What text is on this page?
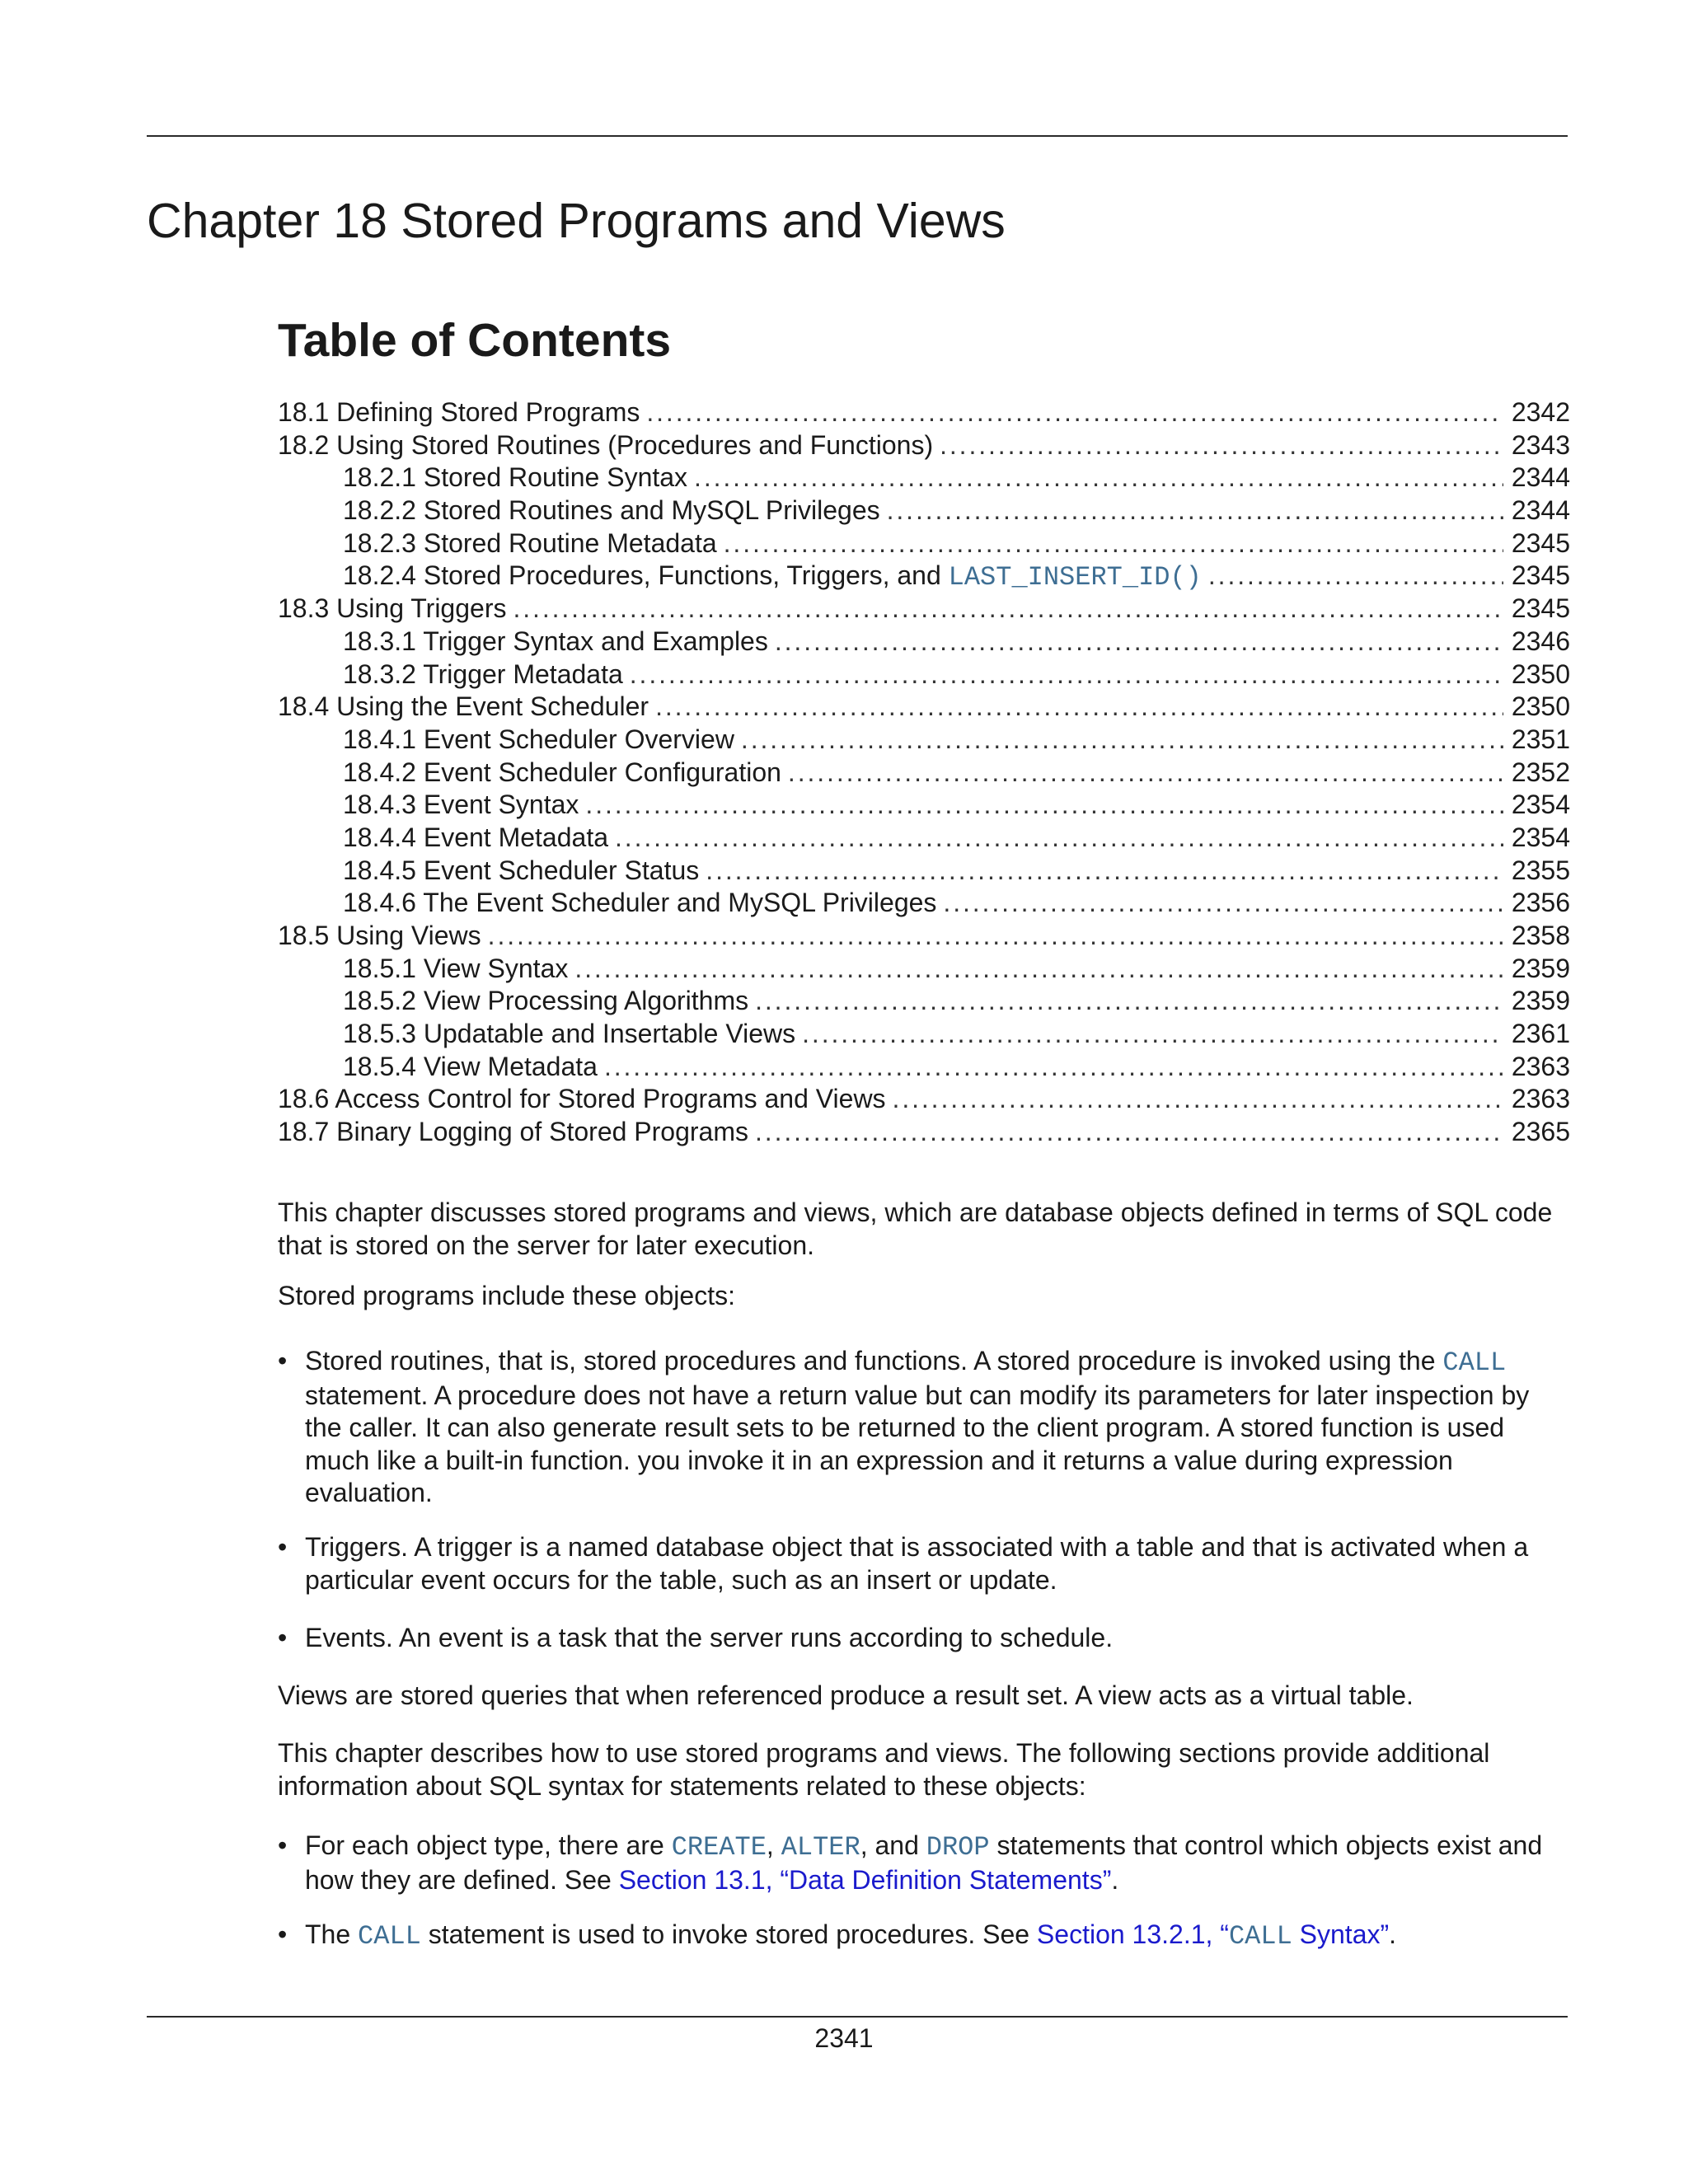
Chapter 18 Stored Programs and Views
Table of Contents
18.1 Defining Stored Programs . . .	2342
18.2 Using Stored Routines (Procedures and Functions) . . .	2343
18.2.1 Stored Routine Syntax . . .	2344
18.2.2 Stored Routines and MySQL Privileges . . .	2344
18.2.3 Stored Routine Metadata . . .	2345
18.2.4 Stored Procedures, Functions, Triggers, and LAST_INSERT_ID() . . .	2345
18.3 Using Triggers . . .	2345
18.3.1 Trigger Syntax and Examples . . .	2346
18.3.2 Trigger Metadata . . .	2350
18.4 Using the Event Scheduler . . .	2350
18.4.1 Event Scheduler Overview . . .	2351
18.4.2 Event Scheduler Configuration . . .	2352
18.4.3 Event Syntax . . .	2354
18.4.4 Event Metadata . . .	2354
18.4.5 Event Scheduler Status . . .	2355
18.4.6 The Event Scheduler and MySQL Privileges . . .	2356
18.5 Using Views . . .	2358
18.5.1 View Syntax . . .	2359
18.5.2 View Processing Algorithms . . .	2359
18.5.3 Updatable and Insertable Views . . .	2361
18.5.4 View Metadata . . .	2363
18.6 Access Control for Stored Programs and Views . . .	2363
18.7 Binary Logging of Stored Programs . . .	2365

This chapter discusses stored programs and views, which are database objects defined in terms of SQL code that is stored on the server for later execution.

Stored programs include these objects:

• Stored routines, that is, stored procedures and functions. A stored procedure is invoked using the CALL statement. A procedure does not have a return value but can modify its parameters for later inspection by the caller. It can also generate result sets to be returned to the client program. A stored function is used much like a built-in function. you invoke it in an expression and it returns a value during expression evaluation.
• Triggers. A trigger is a named database object that is associated with a table and that is activated when a particular event occurs for the table, such as an insert or update.
• Events. An event is a task that the server runs according to schedule.

Views are stored queries that when referenced produce a result set. A view acts as a virtual table.

This chapter describes how to use stored programs and views. The following sections provide additional information about SQL syntax for statements related to these objects:

• For each object type, there are CREATE, ALTER, and DROP statements that control which objects exist and how they are defined. See Section 13.1, “Data Definition Statements”.
• The CALL statement is used to invoke stored procedures. See Section 13.2.1, “CALL Syntax”.
2341
